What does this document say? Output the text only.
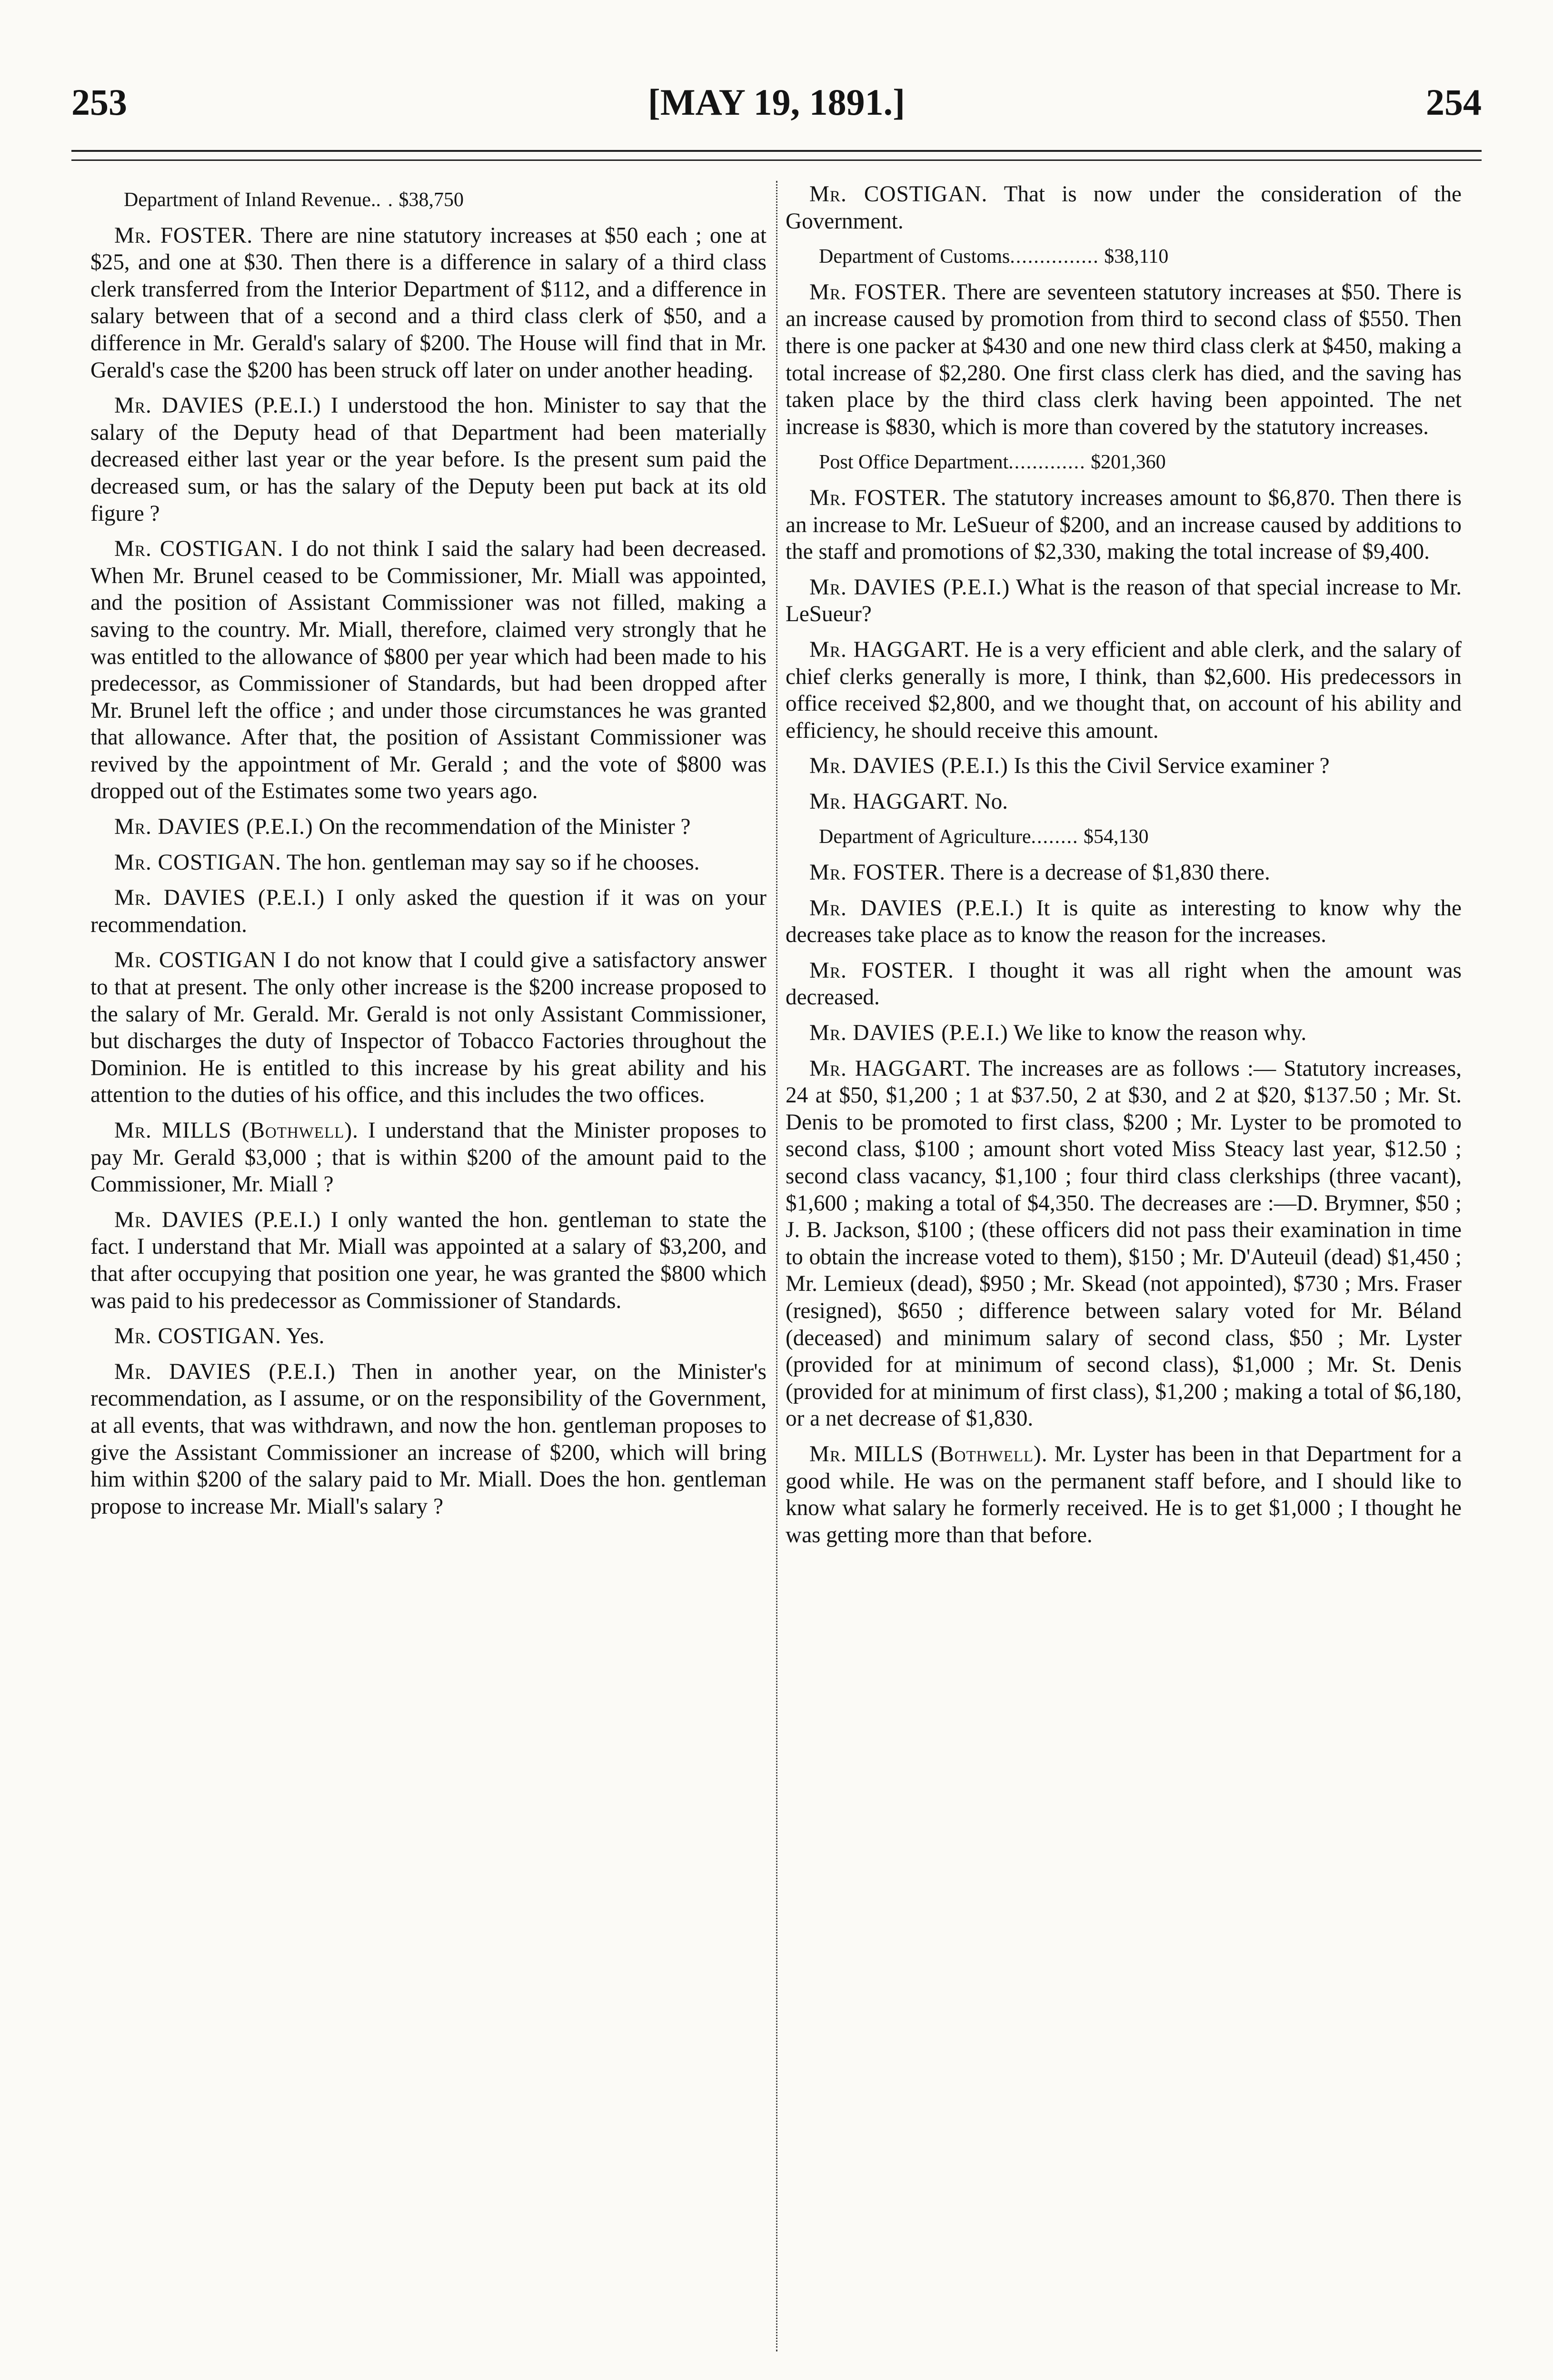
253	[MAY 19, 1891.]	254

Department of Inland Revenue.. . $38,750

Mr. FOSTER. There are nine statutory increases at $50 each ; one at $25, and one at $30. Then there is a difference in salary of a third class clerk transferred from the Interior Department of $112, and a difference in salary between that of a second and a third class clerk of $50, and a difference in Mr. Gerald's salary of $200. The House will find that in Mr. Gerald's case the $200 has been struck off later on under another heading.

Mr. DAVIES (P.E.I.) I understood the hon. Minister to say that the salary of the Deputy head of that Department had been materially decreased either last year or the year before. Is the present sum paid the decreased sum, or has the salary of the Deputy been put back at its old figure ?

Mr. COSTIGAN. I do not think I said the salary had been decreased. When Mr. Brunel ceased to be Commissioner, Mr. Miall was appointed, and the position of Assistant Commissioner was not filled, making a saving to the country. Mr. Miall, therefore, claimed very strongly that he was entitled to the allowance of $800 per year which had been made to his predecessor, as Commissioner of Standards, but had been dropped after Mr. Brunel left the office ; and under those circumstances he was granted that allowance. After that, the position of Assistant Commissioner was revived by the appointment of Mr. Gerald ; and the vote of $800 was dropped out of the Estimates some two years ago.

Mr. DAVIES (P.E.I.) On the recommendation of the Minister ?

Mr. COSTIGAN. The hon. gentleman may say so if he chooses.

Mr. DAVIES (P.E.I.) I only asked the question if it was on your recommendation.

Mr. COSTIGAN I do not know that I could give a satisfactory answer to that at present. The only other increase is the $200 increase proposed to the salary of Mr. Gerald. Mr. Gerald is not only Assistant Commissioner, but discharges the duty of Inspector of Tobacco Factories throughout the Dominion. He is entitled to this increase by his great ability and his attention to the duties of his office, and this includes the two offices.

Mr. MILLS (Bothwell). I understand that the Minister proposes to pay Mr. Gerald $3,000 ; that is within $200 of the amount paid to the Commissioner, Mr. Miall ?

Mr. DAVIES (P.E.I.) I only wanted the hon. gentleman to state the fact. I understand that Mr. Miall was appointed at a salary of $3,200, and that after occupying that position one year, he was granted the $800 which was paid to his predecessor as Commissioner of Standards.

Mr. COSTIGAN. Yes.

Mr. DAVIES (P.E.I.) Then in another year, on the Minister's recommendation, as I assume, or on the responsibility of the Government, at all events, that was withdrawn, and now the hon. gentleman proposes to give the Assistant Commissioner an increase of $200, which will bring him within $200 of the salary paid to Mr. Miall. Does the hon. gentleman propose to increase Mr. Miall's salary ?

Mr. COSTIGAN. That is now under the consideration of the Government.

Department of Customs............... $38,110

Mr. FOSTER. There are seventeen statutory increases at $50. There is an increase caused by promotion from third to second class of $550. Then there is one packer at $430 and one new third class clerk at $450, making a total increase of $2,280. One first class clerk has died, and the saving has taken place by the third class clerk having been appointed. The net increase is $830, which is more than covered by the statutory increases.

Post Office Department............. $201,360

Mr. FOSTER. The statutory increases amount to $6,870. Then there is an increase to Mr. LeSueur of $200, and an increase caused by additions to the staff and promotions of $2,330, making the total increase of $9,400.

Mr. DAVIES (P.E.I.) What is the reason of that special increase to Mr. LeSueur?

Mr. HAGGART. He is a very efficient and able clerk, and the salary of chief clerks generally is more, I think, than $2,600. His predecessors in office received $2,800, and we thought that, on account of his ability and efficiency, he should receive this amount.

Mr. DAVIES (P.E.I.) Is this the Civil Service examiner ?

Mr. HAGGART. No.

Department of Agriculture........ $54,130

Mr. FOSTER. There is a decrease of $1,830 there.

Mr. DAVIES (P.E.I.) It is quite as interesting to know why the decreases take place as to know the reason for the increases.

Mr. FOSTER. I thought it was all right when the amount was decreased.

Mr. DAVIES (P.E.I.) We like to know the reason why.

Mr. HAGGART. The increases are as follows :— Statutory increases, 24 at $50, $1,200 ; 1 at $37.50, 2 at $30, and 2 at $20, $137.50 ; Mr. St. Denis to be promoted to first class, $200 ; Mr. Lyster to be promoted to second class, $100 ; amount short voted Miss Steacy last year, $12.50 ; second class vacancy, $1,100 ; four third class clerkships (three vacant), $1,600 ; making a total of $4,350. The decreases are :—D. Brymner, $50 ; J. B. Jackson, $100 ; (these officers did not pass their examination in time to obtain the increase voted to them), $150 ; Mr. D'Auteuil (dead) $1,450 ; Mr. Lemieux (dead), $950 ; Mr. Skead (not appointed), $730 ; Mrs. Fraser (resigned), $650 ; difference between salary voted for Mr. Béland (deceased) and minimum salary of second class, $50 ; Mr. Lyster (provided for at minimum of second class), $1,000 ; Mr. St. Denis (provided for at minimum of first class), $1,200 ; making a total of $6,180, or a net decrease of $1,830.

Mr. MILLS (Bothwell). Mr. Lyster has been in that Department for a good while. He was on the permanent staff before, and I should like to know what salary he formerly received. He is to get $1,000 ; I thought he was getting more than that before.
